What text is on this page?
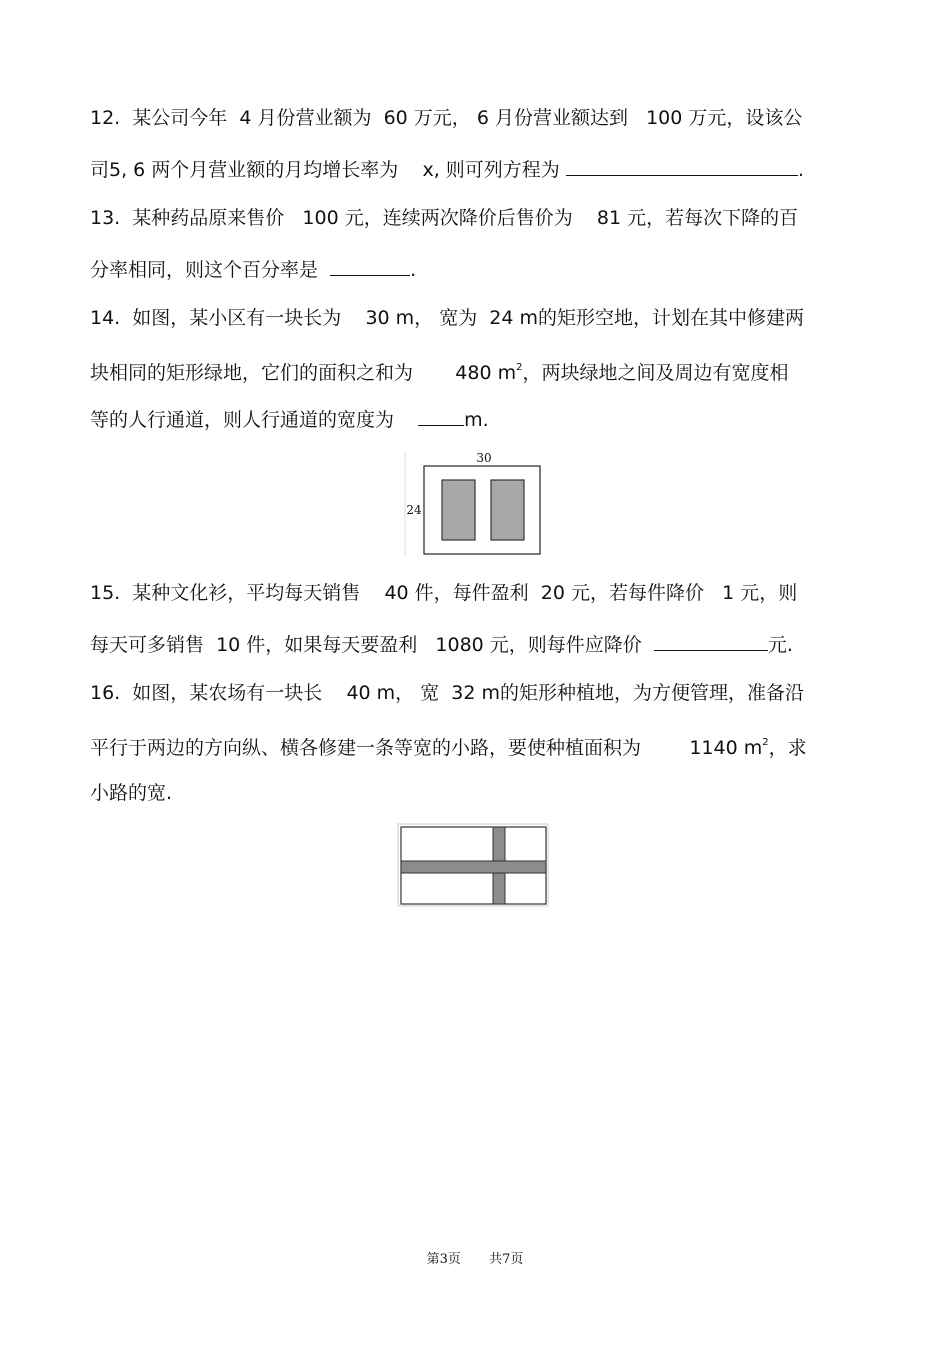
12.  某公司今年  4 月份营业额为  60 万元， 6 月份营业额达到   100 万元，设该公
司5, 6 两个月营业额的月均增长率为    x, 则可列方程为	.
13.  某种药品原来售价   100 元，连续两次降价后售价为    81 元，若每次下降的百
分率相同，则这个百分率是	.
14.  如图，某小区有一块长为    30 m， 宽为  24 m的矩形空地，计划在其中修建两
块相同的矩形绿地，它们的面积之和为       480 $m^2$，两块绿地之间及周边有宽度相
等的人行通道，则人行通道的宽度为    m.
30
24
15.  某种文化衫，平均每天销售    40 件，每件盈利  20 元，若每件降价   1 元，则
每天可多销售  10 件，如果每天要盈利   1080 元，则每件应降价	元.
16.  如图，某农场有一块长    40 m， 宽  32 m的矩形种植地，为方便管理，准备沿
平行于两边的方向纵、横各修建一条等宽的小路，要使种植面积为        1140 $m^2$，求
小路的宽.
第3页 共7页
